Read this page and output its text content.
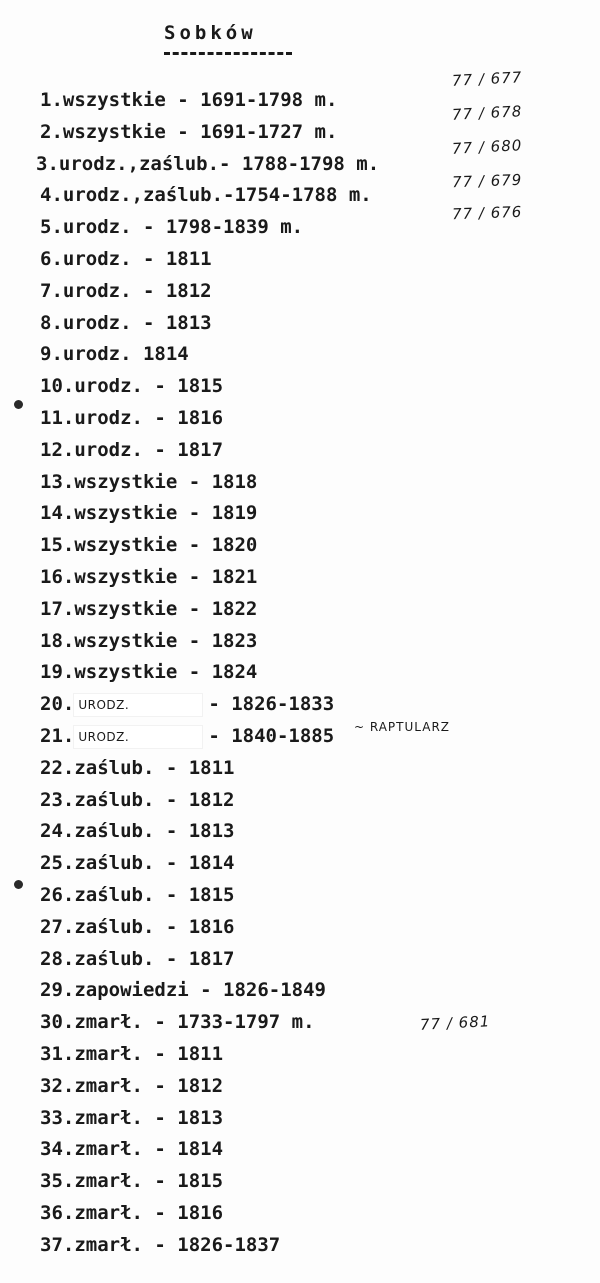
Sobków
1.wszystkie - 1691-1798 m.
2.wszystkie - 1691-1727 m.
3.urodz.,zaślub.- 1788-1798 m.
4.urodz.,zaślub.-1754-1788 m.
5.urodz. - 1798-1839 m.
6.urodz. - 1811
7.urodz. - 1812
8.urodz. - 1813
9.urodz. 1814
10.urodz. - 1815
11.urodz. - 1816
12.urodz. - 1817
13.wszystkie - 1818
14.wszystkie - 1819
15.wszystkie - 1820
16.wszystkie - 1821
17.wszystkie - 1822
18.wszystkie - 1823
19.wszystkie - 1824
20. URODZ.	- 1826-1833
21. URODZ.	- 1840-1885
22.zaślub. - 1811
23.zaślub. - 1812
24.zaślub. - 1813
25.zaślub. - 1814
26.zaślub. - 1815
27.zaślub. - 1816
28.zaślub. - 1817
29.zapowiedzi - 1826-1849
30.zmarł. - 1733-1797 m.
31.zmarł. - 1811
32.zmarł. - 1812
33.zmarł. - 1813
34.zmarł. - 1814
35.zmarł. - 1815
36.zmarł. - 1816
37.zmarł. - 1826-1837
~ RAPTULARZ
77 / 677
77 / 678
77 / 680
77 / 679
77 / 676
77 / 681
